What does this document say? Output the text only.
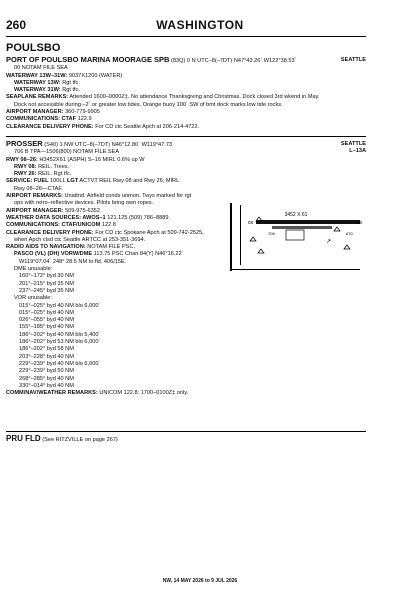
260	WASHINGTON
POULSBO
PORT OF POULSBO MARINA MOORAGE SPB (83Q) 0 N UTC–8(–7DT) N47°43.26´ W122°38.53´
00 NOTAM FILE SEA
WATERWAY 13W–31W: 9037X1200 (WATER)
WATERWAY 13W: Rgt tfc.
WATERWAY 31W: Rgt tfc.
SEAPLANE REMARKS: Attended 1600–0000Z‡. No attendance Thanksgiving and Christmas. Dock closed 3rd wkend in May.
Dock not accessible during –2´ or greater low tides. Orange buoy 100´ SW of bmt dock marks low tide rocks.
AIRPORT MANAGER: 360-779-9905
COMMUNICATIONS: CTAF 122.9
CLEARANCE DELIVERY PHONE: For CD ctc Seattle Apch at 206-214-4722.
SEATTLE
PROSSER (S40) 1 NW UTC–8(–7DT) N46°12.80´ W119°47.73´
706 B TPA—1506(800) NOTAM FILE SEA
RWY 08–26: H3452X61 (ASPH) S–16 MIRL 0.6% up W
RWY 08: REIL. Trees.
RWY 26: REIL. Rgt tfc.
SERVICE: FUEL 100LL LGT ACTVT REIL Rwy 08 and Rwy 26; MIRL
Rwy 08–26—CTAF.
AIRPORT REMARKS: Unattnd. Airfield conds unmon. Twys marked for rgt
ops with retro–reflective devices. Pilots bring own ropes.
AIRPORT MANAGER: 509-975-6352
WEATHER DATA SOURCES: AWOS–1 121.125 (509) 786–8889.
COMMUNICATIONS: CTAF/UNICOM 122.8
CLEARANCE DELIVERY PHONE: For CD ctc Spokane Apch at 509-742-2525,
when Apch clsd ctc Seattle ARTCC at 253-351-3694.
RADIO AIDS TO NAVIGATION: NOTAM FILE PSC.
PASCO (VL) (DH) VORW/DME 113.75 PSC Chan 84(Y) N46°16.22´
W119°07.04´ 248° 28.5 NM to fld. 406/15E.
DME unusable:
160°–172° byd 30 NM
201°–215° byd 35 NM
237°–245° byd 35 NM
VOR unusable:
015°–025° byd 40 NM blo 6,000´
015°–025° byd 40 NM
026°–055° byd 40 NM
155°–185° byd 40 NM
186°–202° byd 40 NM blo 5,400´
186°–202° byd 53 NM blo 6,000´
186°–202° byd 58 NM
203°–228° byd 40 NM
229°–239° byd 40 NM blo 6,000´
229°–239° byd 50 NM
268°–285° byd 40 NM
330°–014° byd 40 NM
COMM/NAV/WEATHER REMARKS: UNICOM 122.8: 1700–0100Z‡ only.
SEATTLE
L–13A
3452 X 61
08	26
706	670
↗
PRU FLD (See RITZVILLE on page 267)
NW, 14 MAY 2026 to 9 JUL 2026
